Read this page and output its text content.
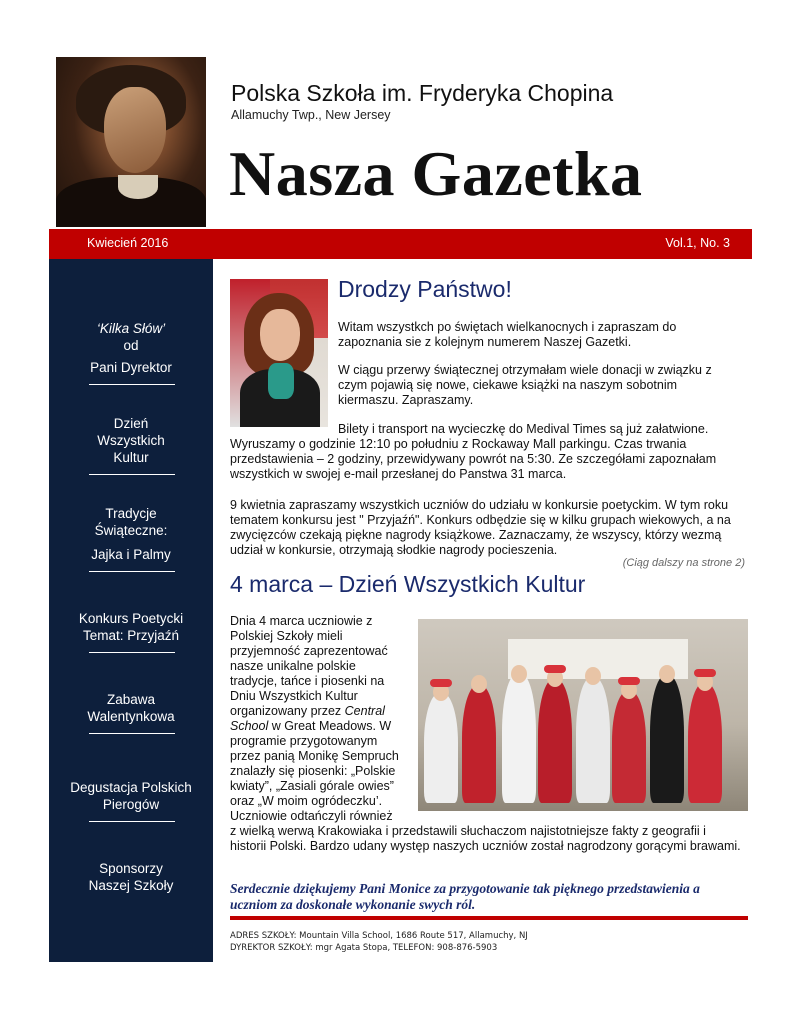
Polska Szkoła im. Fryderyka Chopina
Allamuchy Twp., New Jersey
Nasza Gazetka
Kwiecień 2016	Vol.1, No. 3
‘Kilka Słów’
od
Pani Dyrektor
Dzień
Wszystkich
Kultur
Tradycje
Świąteczne:
Jajka i Palmy
Konkurs Poetycki
Temat: Przyjaźń
Zabawa
Walentynkowa
Degustacja Polskich
Pierogów
Sponsorzy
Naszej Szkoły
Drodzy Państwo!

Witam wszystkch po świętach wielkanocnych i zapraszam do zapoznania sie z kolejnym numerem Naszej Gazetki.

W ciągu przerwy świątecznej otrzymałam wiele donacji w związku z czym pojawią się nowe, ciekawe książki na naszym sobotnim kiermaszu. Zapraszamy.

Bilety i transport na wycieczkę do Medival Times są już załatwione. Wyruszamy o godzinie 12:10 po południu z Rockaway Mall parkingu. Czas trwania przedstawienia – 2 godziny, przewidywany powrót na 5:30. Ze szczegółami zapoznałam wszystkich w swojej e-mail przesłanej do Panstwa 31 marca.

9 kwietnia zapraszamy wszystkich uczniów do udziału w konkursie poetyckim. W tym roku tematem konkursu jest " Przyjaźń". Konkurs odbędzie się w kilku grupach wiekowych, a na zwycięzców czekają piękne nagrody książkowe. Zaznaczamy, że wszyscy, którzy wezmą udział w konkursie, otrzymają słodkie nagrody pocieszenia.

(Ciąg dalszy na strone 2)
4 marca – Dzień Wszystkich Kultur
Dnia 4 marca uczniowie z
Polskiej Szkoły mieli
przyjemność zaprezentować
nasze unikalne polskie
tradycje, tańce i piosenki na
Dniu Wszystkich Kultur
organizowany przez Central
School w Great Meadows. W
programie przygotowanym
przez panią Monikę Sempruch
znalazły się piosenki: „Polskie
kwiaty”, „Zasiali górale owies”
oraz „W moim ogródeczku’.
Uczniowie odtańczyli również

z wielką werwą Krakowiaka i przedstawili słuchaczom najistotniejsze fakty z geografii i historii Polski. Bardzo udany występ naszych uczniów został nagrodzony gorącymi brawami.

Serdecznie dziękujemy Pani Monice za przygotowanie tak pięknego przedstawienia a uczniom za doskonałe wykonanie swych ról.

ADRES SZKOŁY: Mountain Villa School, 1686 Route 517, Allamuchy, NJ
DYREKTOR SZKOŁY: mgr Agata Stopa, TELEFON: 908-876-5903
